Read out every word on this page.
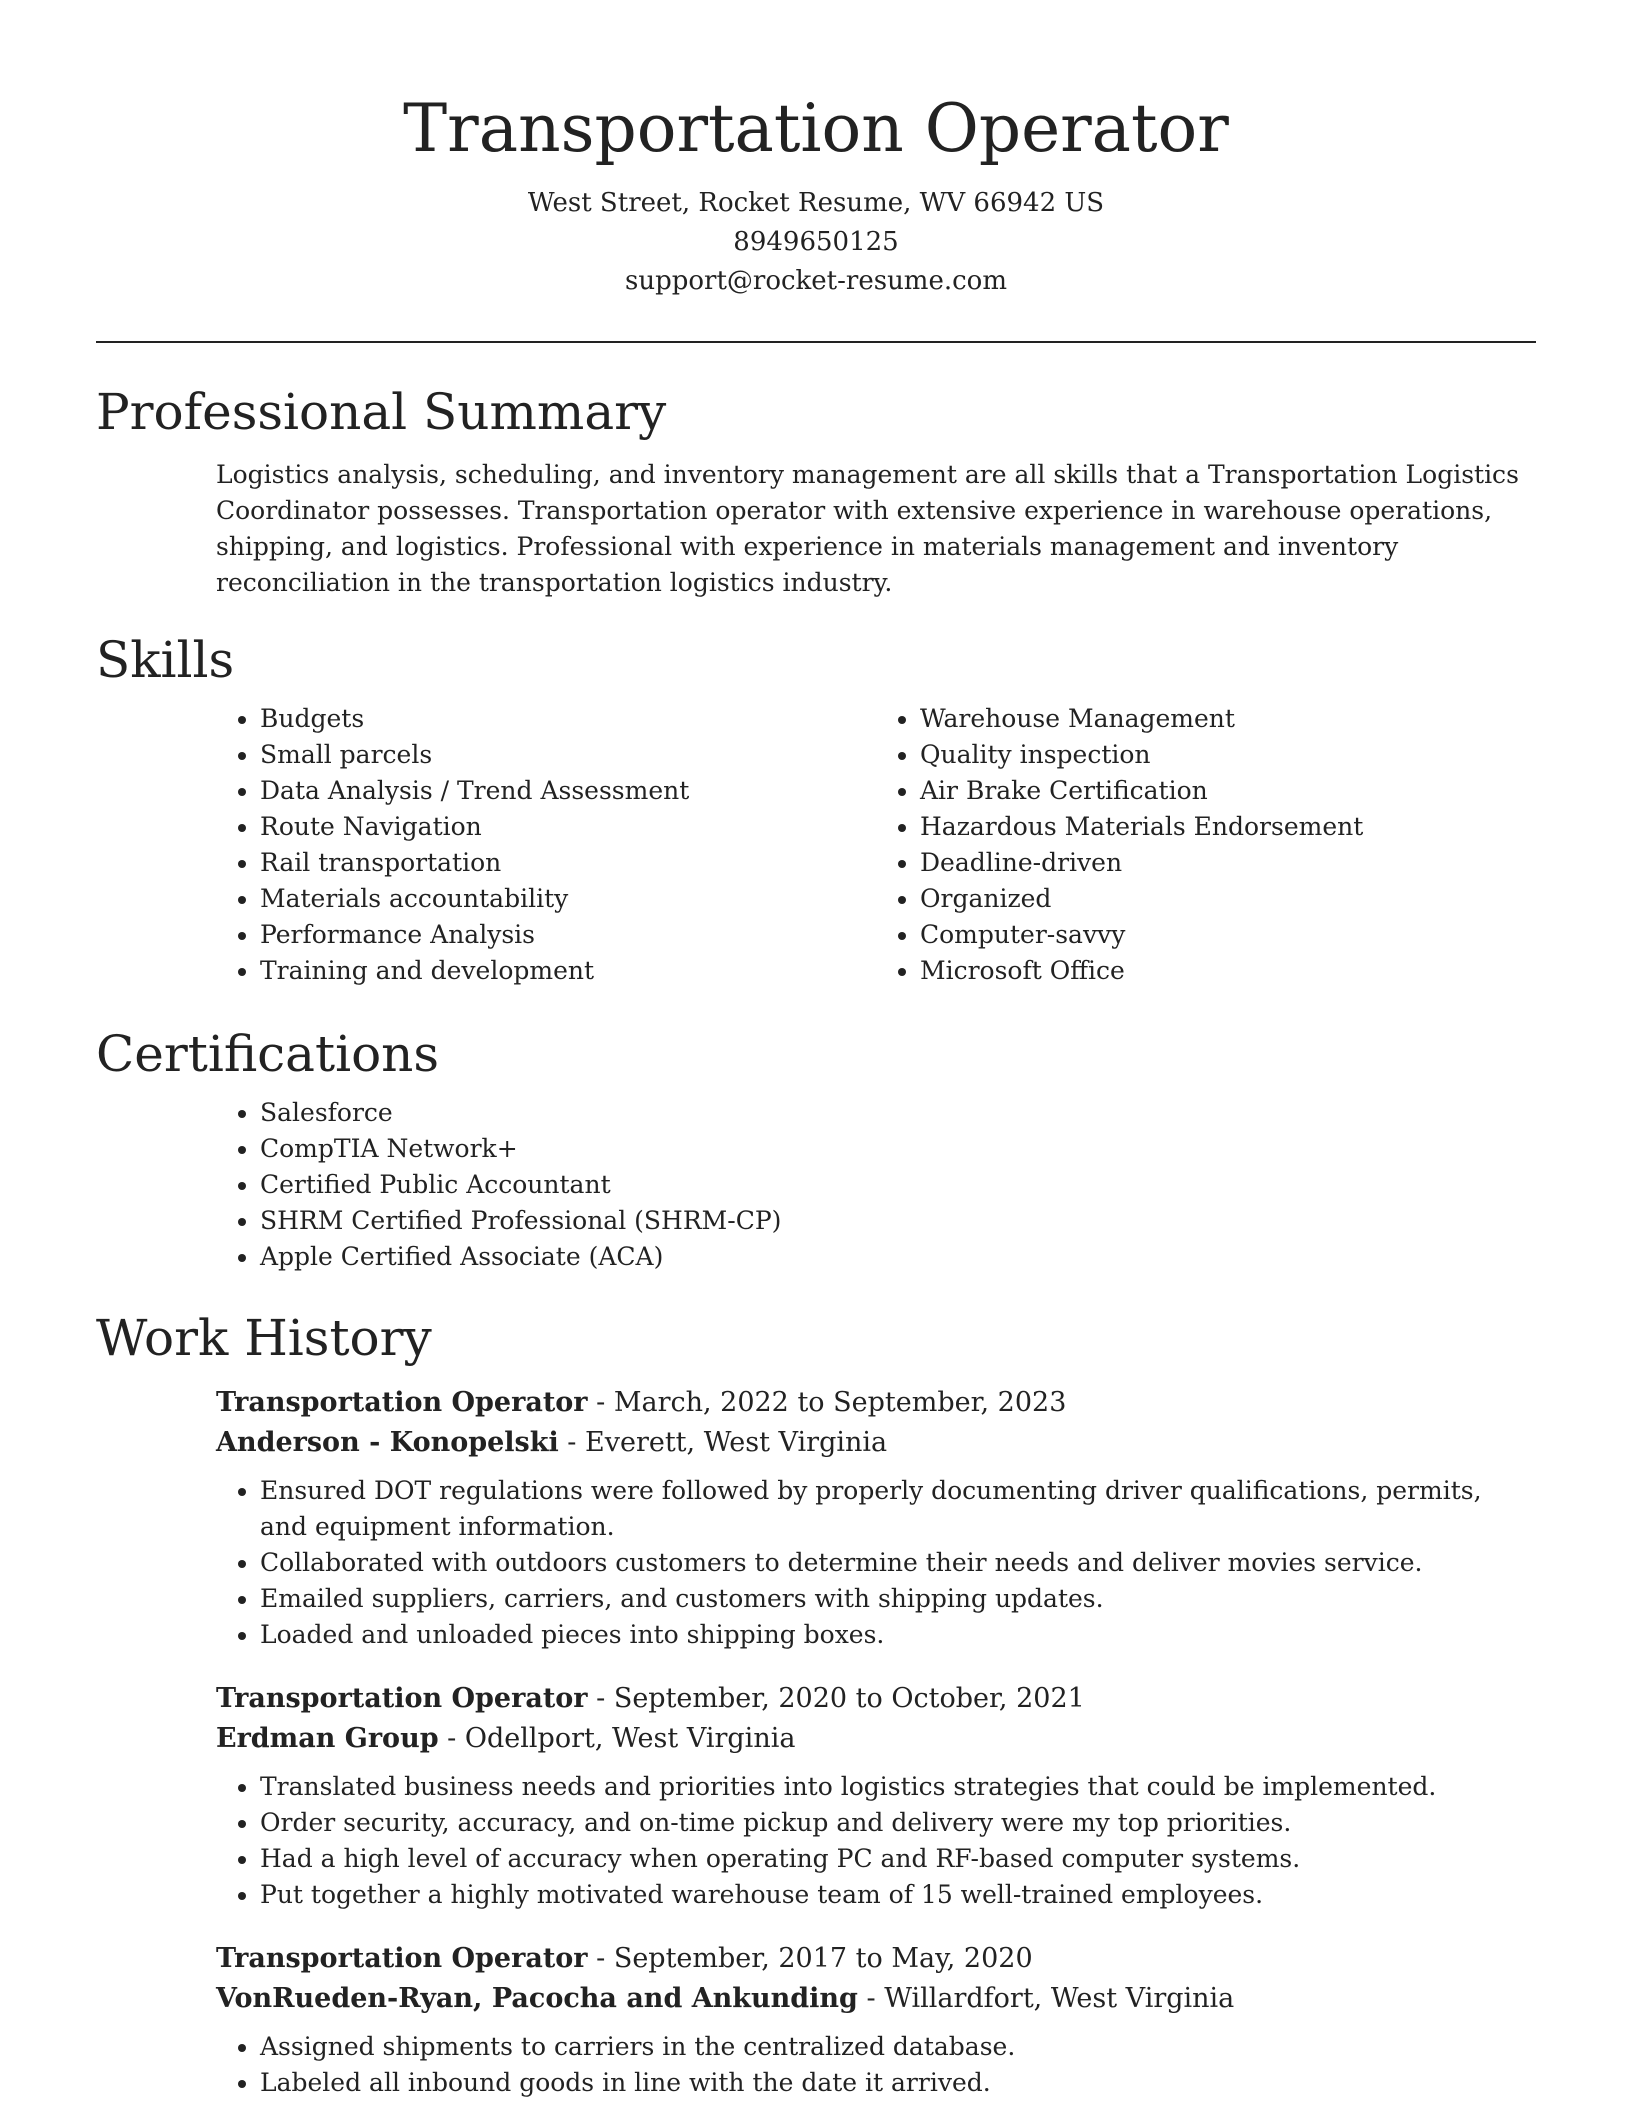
Transportation Operator
West Street, Rocket Resume, WV 66942 US
8949650125
support@rocket-resume.com
Professional Summary
Logistics analysis, scheduling, and inventory management are all skills that a Transportation Logistics Coordinator possesses. Transportation operator with extensive experience in warehouse operations, shipping, and logistics. Professional with experience in materials management and inventory reconciliation in the transportation logistics industry.
Skills
• Budgets
• Small parcels
• Data Analysis / Trend Assessment
• Route Navigation
• Rail transportation
• Materials accountability
• Performance Analysis
• Training and development
• Warehouse Management
• Quality inspection
• Air Brake Certification
• Hazardous Materials Endorsement
• Deadline-driven
• Organized
• Computer-savvy
• Microsoft Office
Certifications
• Salesforce
• CompTIA Network+
• Certified Public Accountant
• SHRM Certified Professional (SHRM-CP)
• Apple Certified Associate (ACA)
Work History
Transportation Operator - March, 2022 to September, 2023
Anderson - Konopelski - Everett, West Virginia
• Ensured DOT regulations were followed by properly documenting driver qualifications, permits, and equipment information.
• Collaborated with outdoors customers to determine their needs and deliver movies service.
• Emailed suppliers, carriers, and customers with shipping updates.
• Loaded and unloaded pieces into shipping boxes.
Transportation Operator - September, 2020 to October, 2021
Erdman Group - Odellport, West Virginia
• Translated business needs and priorities into logistics strategies that could be implemented.
• Order security, accuracy, and on-time pickup and delivery were my top priorities.
• Had a high level of accuracy when operating PC and RF-based computer systems.
• Put together a highly motivated warehouse team of 15 well-trained employees.
Transportation Operator - September, 2017 to May, 2020
VonRueden-Ryan, Pacocha and Ankunding - Willardfort, West Virginia
• Assigned shipments to carriers in the centralized database.
• Labeled all inbound goods in line with the date it arrived.
